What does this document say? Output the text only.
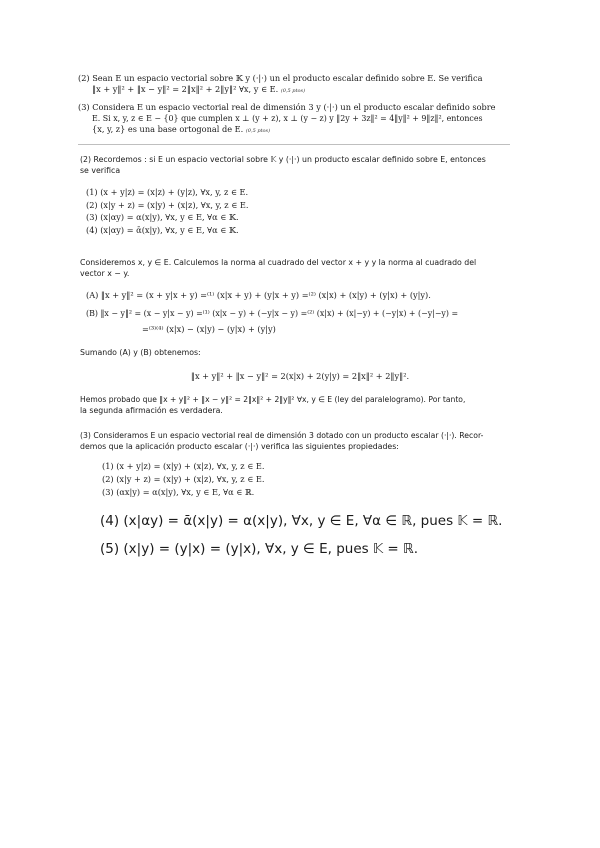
(2) Sean E un espacio vectorial sobre 𝕂 y (·|·) un el producto escalar definido sobre E. Se verifica
‖x + y‖² + ‖x − y‖² = 2‖x‖² + 2‖y‖² ∀x, y ∈ E. (0,5 ptos)
(3) Considera E un espacio vectorial real de dimensión 3 y (·|·) un el producto escalar definido sobre
E. Si x, y, z ∈ E − {0} que cumplen x ⊥ (y + z), x ⊥ (y − z) y ‖2y + 3z‖² = 4‖y‖² + 9‖z‖², entonces
{x, y, z} es una base ortogonal de E. (0,5 ptos)
(2) Recordemos : si E un espacio vectorial sobre 𝕂 y (·|·) un producto escalar definido sobre E, entonces
se verifica
(1) (x + y|z) = (x|z) + (y|z), ∀x, y, z ∈ E.
(2) (x|y + z) = (x|y) + (x|z), ∀x, y, z ∈ E.
(3) (x|αy) = α(x|y), ∀x, y ∈ E, ∀α ∈ 𝕂.
(4) (x|αy) = ᾱ(x|y), ∀x, y ∈ E, ∀α ∈ 𝕂.
Consideremos x, y ∈ E. Calculemos la norma al cuadrado del vector x + y y la norma al cuadrado del
vector x − y.
(A) ‖x + y‖² = (x + y|x + y) =⁽¹⁾ (x|x + y) + (y|x + y) =⁽²⁾ (x|x) + (x|y) + (y|x) + (y|y).
(B) ‖x − y‖² = (x − y|x − y) =⁽¹⁾ (x|x − y) + (−y|x − y) =⁽²⁾ (x|x) + (x|−y) + (−y|x) + (−y|−y) =
=⁽³⁾⁽⁴⁾ (x|x) − (x|y) − (y|x) + (y|y)
Sumando (A) y (B) obtenemos:
‖x + y‖² + ‖x − y‖² = 2(x|x) + 2(y|y) = 2‖x‖² + 2‖y‖².
Hemos probado que ‖x + y‖² + ‖x − y‖² = 2‖x‖² + 2‖y‖² ∀x, y ∈ E (ley del paralelogramo). Por tanto,
la segunda afirmación es verdadera.
(3) Consideramos E un espacio vectorial real de dimensión 3 dotado con un producto escalar (·|·). Recor-
demos que la aplicación producto escalar (·|·) verifica las siguientes propiedades:
(1) (x + y|z) = (x|y) + (x|z), ∀x, y, z ∈ E.
(2) (x|y + z) = (x|y) + (x|z), ∀x, y, z ∈ E.
(3) (αx|y) = α(x|y), ∀x, y ∈ E, ∀α ∈ ℝ.
(4) (x|αy) = ᾱ(x|y) = α(x|y), ∀x, y ∈ E, ∀α ∈ ℝ, pues 𝕂 = ℝ.
(5) (x|y) = (y|x) = (y|x), ∀x, y ∈ E, pues 𝕂 = ℝ.
